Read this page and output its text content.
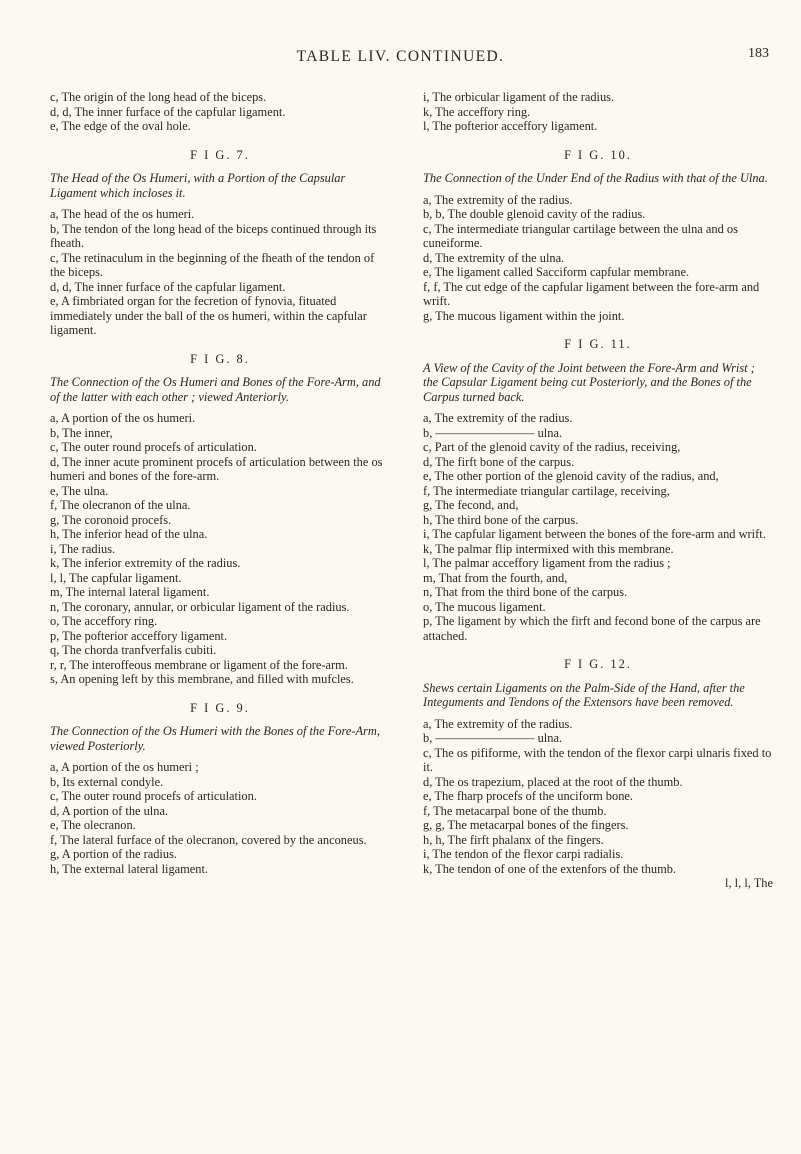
TABLE LIV. CONTINUED.	183

c, The origin of the long head of the biceps.

d, d, The inner furface of the capfular ligament.

e, The edge of the oval hole.

F I G. 7.

The Head of the Os Humeri, with a Portion of the Capsular Ligament which incloses it.

a, The head of the os humeri.

b, The tendon of the long head of the biceps continued through its fheath.

c, The retinaculum in the beginning of the fheath of the tendon of the biceps.

d, d, The inner furface of the capfular ligament.

e, A fimbriated organ for the fecretion of fynovia, fituated immediately under the ball of the os humeri, within the capfular ligament.

F I G. 8.

The Connection of the Os Humeri and Bones of the Fore-Arm, and of the latter with each other ; viewed Anteriorly.

a, A portion of the os humeri.

b, The inner,

c, The outer round procefs of articulation.

d, The inner acute prominent procefs of articulation between the os humeri and bones of the fore-arm.

e, The ulna.

f, The olecranon of the ulna.

g, The coronoid procefs.

h, The inferior head of the ulna.

i, The radius.

k, The inferior extremity of the radius.

l, l, The capfular ligament.

m, The internal lateral ligament.

n, The coronary, annular, or orbicular ligament of the radius.

o, The acceffory ring.

p, The pofterior acceffory ligament.

q, The chorda tranfverfalis cubiti.

r, r, The interoffeous membrane or ligament of the fore-arm.

s, An opening left by this membrane, and filled with mufcles.

F I G. 9.

The Connection of the Os Humeri with the Bones of the Fore-Arm, viewed Posteriorly.

a, A portion of the os humeri ;

b, Its external condyle.

c, The outer round procefs of articulation.

d, A portion of the ulna.

e, The olecranon.

f, The lateral furface of the olecranon, covered by the anconeus.

g, A portion of the radius.

h, The external lateral ligament.

i, The orbicular ligament of the radius.

k, The acceffory ring.

l, The pofterior acceffory ligament.

F I G. 10.

The Connection of the Under End of the Radius with that of the Ulna.

a, The extremity of the radius.

b, b, The double glenoid cavity of the radius.

c, The intermediate triangular cartilage between the ulna and os cuneiforme.

d, The extremity of the ulna.

e, The ligament called Sacciform capfular membrane.

f, f, The cut edge of the capfular ligament between the fore-arm and wrift.

g, The mucous ligament within the joint.

F I G. 11.

A View of the Cavity of the Joint between the Fore-Arm and Wrist ; the Capsular Ligament being cut Posteriorly, and the Bones of the Carpus turned back.

a, The extremity of the radius.

b, ———————— ulna.

c, Part of the glenoid cavity of the radius, receiving,

d, The firft bone of the carpus.

e, The other portion of the glenoid cavity of the radius, and,

f, The intermediate triangular cartilage, receiving,

g, The fecond, and,

h, The third bone of the carpus.

i, The capfular ligament between the bones of the fore-arm and wrift.

k, The palmar flip intermixed with this membrane.

l, The palmar acceffory ligament from the radius ;

m, That from the fourth, and,

n, That from the third bone of the carpus.

o, The mucous ligament.

p, The ligament by which the firft and fecond bone of the carpus are attached.

F I G. 12.

Shews certain Ligaments on the Palm-Side of the Hand, after the Integuments and Tendons of the Extensors have been removed.

a, The extremity of the radius.

b, ———————— ulna.

c, The os pififorme, with the tendon of the flexor carpi ulnaris fixed to it.

d, The os trapezium, placed at the root of the thumb.

e, The fharp procefs of the unciform bone.

f, The metacarpal bone of the thumb.

g, g, The metacarpal bones of the fingers.

h, h, The firft phalanx of the fingers.

i, The tendon of the flexor carpi radialis.

k, The tendon of one of the extenfors of the thumb.

l, l, l, The
